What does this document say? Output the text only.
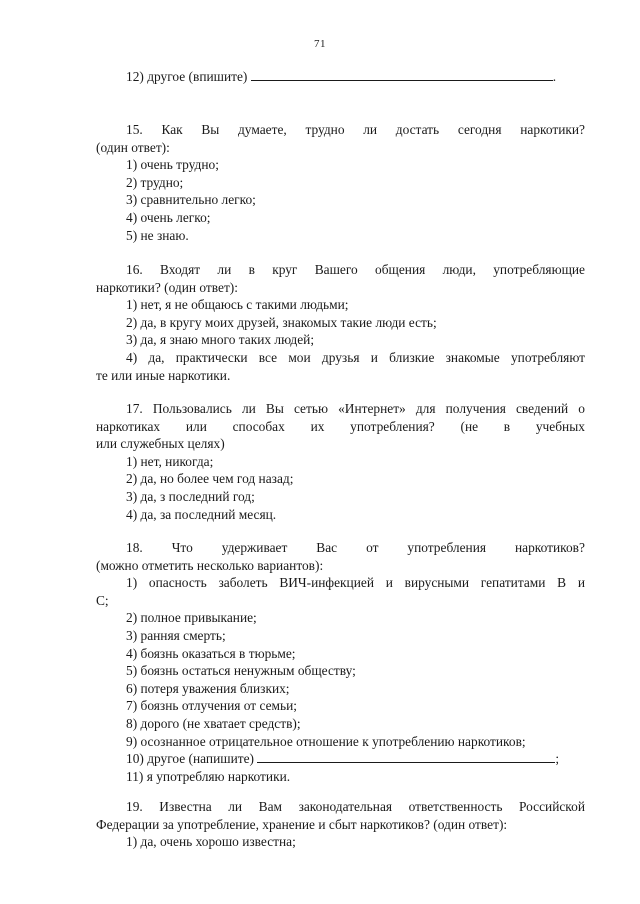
71
12) другое (впишите)	.
15. Как Вы думаете, трудно ли достать сегодня наркотики?
(один ответ):
1) очень трудно;
2) трудно;
3) сравнительно легко;
4) очень легко;
5) не знаю.
16. Входят ли в круг Вашего общения люди, употребляющие
наркотики? (один ответ):
1) нет, я не общаюсь с такими людьми;
2) да, в кругу моих друзей, знакомых такие люди есть;
3) да, я знаю много таких людей;
4) да, практически все мои друзья и близкие знакомые употребляют
те или иные наркотики.
17. Пользовались ли Вы сетью «Интернет» для получения сведений о
наркотиках или способах их употребления? (не в учебных
или служебных целях)
1) нет, никогда;
2) да, но более чем год назад;
3) да, з последний год;
4) да, за последний месяц.
18. Что удерживает Вас от употребления наркотиков?
(можно отметить несколько вариантов):
1) опасность заболеть ВИЧ-инфекцией и вирусными гепатитами В и
С;
2) полное привыкание;
3) ранняя смерть;
4) боязнь оказаться в тюрьме;
5) боязнь остаться ненужным обществу;
6) потеря уважения близких;
7) боязнь отлучения от семьи;
8) дорого (не хватает средств);
9) осознанное отрицательное отношение к употреблению наркотиков;
10) другое (напишите)	;
11) я употребляю наркотики.
19. Известна ли Вам законодательная ответственность Российской
Федерации за употребление, хранение и сбыт наркотиков? (один ответ):
1) да, очень хорошо известна;
